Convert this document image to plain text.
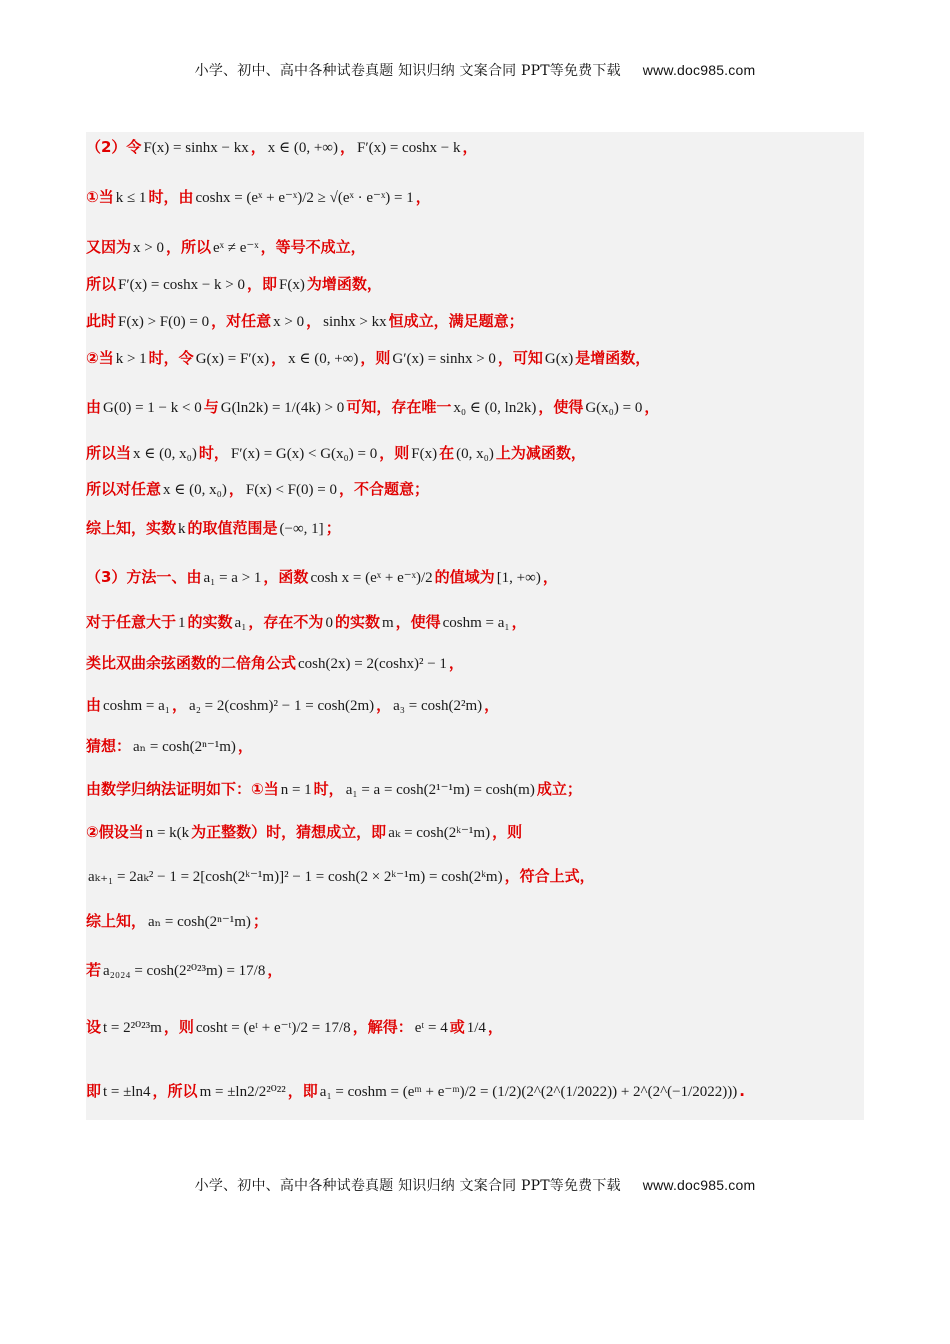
小学、初中、高中各种试卷真题 知识归纳 文案合同 PPT等免费下载 www.doc985.com
（2）令 F(x) = sinhx − kx ， x ∈ (0, +∞) ， F′(x) = coshx − k ，
①当 k ≤ 1 时，由 coshx = (eˣ + e⁻ˣ)/2 ≥ √(eˣ · e⁻ˣ) = 1 ，
又因为 x > 0 ，所以 eˣ ≠ e⁻ˣ ，等号不成立，
所以 F′(x) = coshx − k > 0 ，即 F(x) 为增函数，
此时 F(x) > F(0) = 0 ，对任意 x > 0 ， sinhx > kx 恒成立，满足题意；
②当 k > 1 时，令 G(x) = F′(x) ， x ∈ (0, +∞) ，则 G′(x) = sinhx > 0 ，可知 G(x) 是增函数，
由 G(0) = 1 − k < 0 与 G(ln2k) = 1/(4k) > 0 可知，存在唯一 x₀ ∈ (0, ln2k) ，使得 G(x₀) = 0 ，
所以当 x ∈ (0, x₀) 时， F′(x) = G(x) < G(x₀) = 0 ，则 F(x) 在 (0, x₀) 上为减函数，
所以对任意 x ∈ (0, x₀) ， F(x) < F(0) = 0 ，不合题意；
综上知，实数 k 的取值范围是 (−∞, 1] ；
（3）方法一、由 a₁ = a > 1 ，函数 cosh x = (eˣ + e⁻ˣ)/2 的值域为 [1, +∞) ，
对于任意大于 1 的实数 a₁ ，存在不为 0 的实数 m ，使得 coshm = a₁ ，
类比双曲余弦函数的二倍角公式 cosh(2x) = 2(coshx)² − 1 ，
由 coshm = a₁ ， a₂ = 2(coshm)² − 1 = cosh(2m) ， a₃ = cosh(2²m) ，
猜想： aₙ = cosh(2ⁿ⁻¹m) ，
由数学归纳法证明如下：①当 n = 1 时， a₁ = a = cosh(2¹⁻¹m) = cosh(m) 成立；
②假设当 n = k(k 为正整数）时，猜想成立，即 aₖ = cosh(2ᵏ⁻¹m) ，则
aₖ₊₁ = 2aₖ² − 1 = 2[cosh(2ᵏ⁻¹m)]² − 1 = cosh(2 × 2ᵏ⁻¹m) = cosh(2ᵏm) ，符合上式，
综上知， aₙ = cosh(2ⁿ⁻¹m) ；
若 a₂₀₂₄ = cosh(2²⁰²³m) = 17/8 ，
设 t = 2²⁰²³m ，则 cosht = (eᵗ + e⁻ᵗ)/2 = 17/8 ，解得： eᵗ = 4 或 1/4 ，
即 t = ±ln4 ，所以 m = ±ln2/2²⁰²² ，即 a₁ = coshm = (eᵐ + e⁻ᵐ)/2 = (1/2)(2^(2^(1/2022)) + 2^(2^(−1/2022))) .
小学、初中、高中各种试卷真题 知识归纳 文案合同 PPT等免费下载 www.doc985.com
